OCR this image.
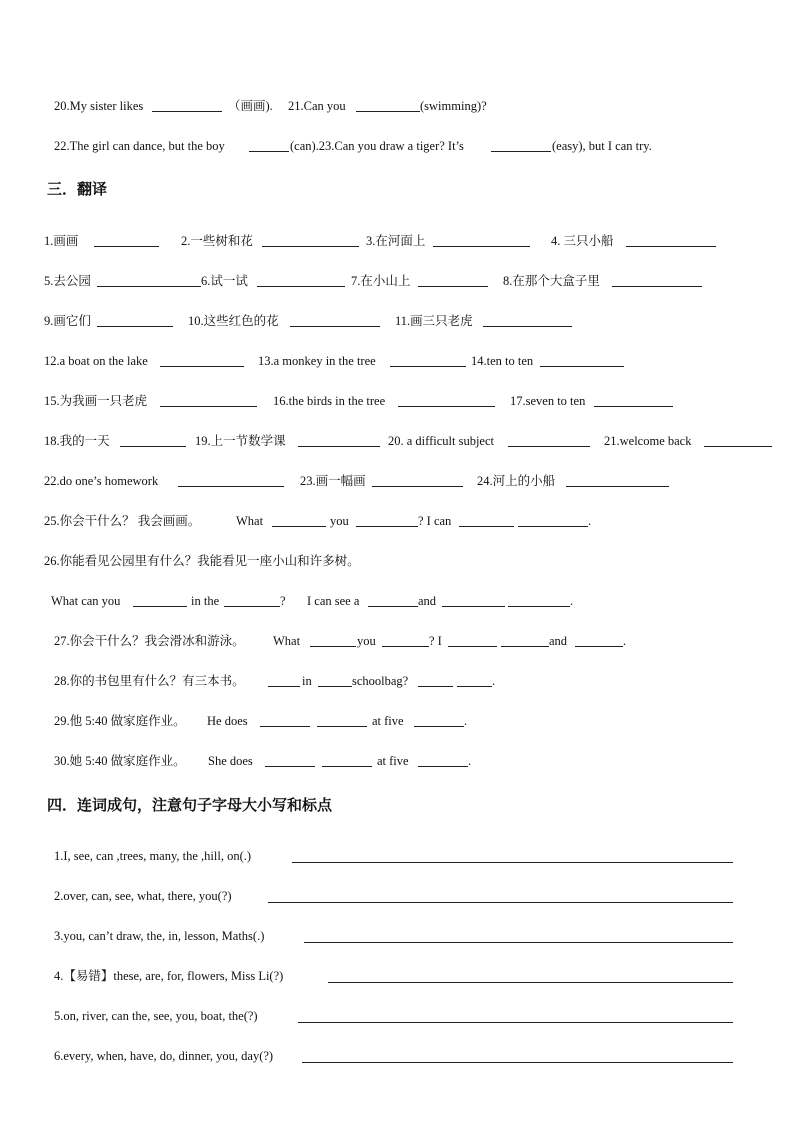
20.My sister likes	（画画). 21.Can you	(swimming)?
22.The girl can dance, but the boy	(can).23.Can you draw a tiger? It’s	(easy), but I can try.
三．翻译
1.画画	2.一些树和花	3.在河面上	4. 三只小船
5.去公园	6.试一试	7.在小山上	8.在那个大盒子里
9.画它们	10.这些红色的花	11.画三只老虎
12.a boat on the lake	13.a monkey in the tree	14.ten to ten
15.为我画一只老虎	16.the birds in the tree	17.seven to ten
18.我的一天	19.上一节数学课	20. a difficult subject	21.welcome back
22.do one’s homework	23.画一幅画	24.河上的小船
25.你会干什么？ 我会画画。	What	you	? I can	.
26.你能看见公园里有什么？我能看见一座小山和许多树。
What can you	in the	? I can see a	and	.
27.你会干什么？我会滑冰和游泳。 What	you	? I	and	.
28.你的书包里有什么？有三本书。	in	schoolbag?	.
29.他 5:40 做家庭作业。 He does	at five	.
30.她 5:40 做家庭作业。 She does	at five	.
四．连词成句，注意句子字母大小写和标点
1.I, see, can ,trees, many, the ,hill, on(.)
2.over, can, see, what, there, you(?)
3.you, can’t draw, the, in, lesson, Maths(.)
4.【易错】these, are, for, flowers, Miss Li(?)
5.on, river, can the, see, you, boat, the(?)
6.every, when, have, do, dinner, you, day(?)
